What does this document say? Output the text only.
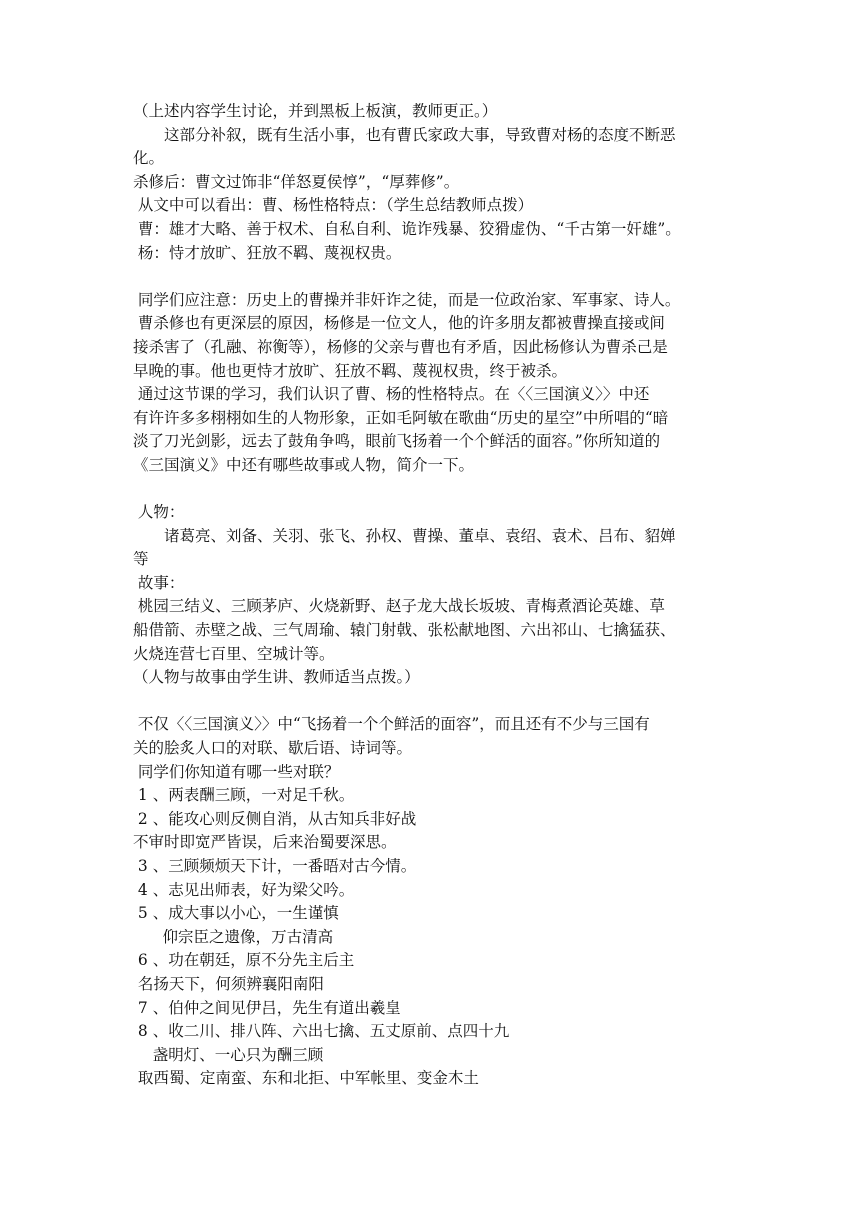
（上述内容学生讨论，并到黑板上板演，教师更正。）
　　这部分补叙，既有生活小事，也有曹氏家政大事，导致曹对杨的态度不断恶
化。
杀修后：曹文过饰非“佯怒夏侯惇”，“厚葬修”。
从文中可以看出：曹、杨性格特点：（学生总结教师点拨）
曹：雄才大略、善于权术、自私自利、诡诈残暴、狡猾虚伪、“千古第一奸雄”。
杨：恃才放旷、狂放不羁、蔑视权贵。
同学们应注意：历史上的曹操并非奸诈之徒，而是一位政治家、军事家、诗人。
曹杀修也有更深层的原因，杨修是一位文人，他的许多朋友都被曹操直接或间
接杀害了（孔融、祢衡等），杨修的父亲与曹也有矛盾，因此杨修认为曹杀己是
早晚的事。他也更恃才放旷、狂放不羁、蔑视权贵，终于被杀。
通过这节课的学习，我们认识了曹、杨的性格特点。在〈〈三国演义〉〉中还
有许许多多栩栩如生的人物形象，正如毛阿敏在歌曲“历史的星空”中所唱的“暗
淡了刀光剑影，远去了鼓角争鸣，眼前飞扬着一个个鲜活的面容。”你所知道的
《三国演义》中还有哪些故事或人物，简介一下。
人物：
　　诸葛亮、刘备、关羽、张飞、孙权、曹操、董卓、袁绍、袁术、吕布、貂婵
等
故事：
桃园三结义、三顾茅庐、火烧新野、赵子龙大战长坂坡、青梅煮酒论英雄、草
船借箭、赤壁之战、三气周瑜、辕门射戟、张松献地图、六出祁山、七擒猛获、
火烧连营七百里、空城计等。
（人物与故事由学生讲、教师适当点拨。）
不仅〈〈三国演义〉〉中“飞扬着一个个鲜活的面容”，而且还有不少与三国有
关的脍炙人口的对联、歇后语、诗词等。
同学们你知道有哪一些对联？
1 、两表酬三顾，一对足千秋。
2 、能攻心则反侧自消，从古知兵非好战
不审时即宽严皆误，后来治蜀要深思。
3 、三顾频烦天下计，一番晤对古今情。
4 、志见出师表，好为梁父吟。
5 、成大事以小心，一生谨慎
仰宗臣之遗像，万古清高
6 、功在朝廷，原不分先主后主
名扬天下，何须辨襄阳南阳
7 、伯仲之间见伊吕，先生有道出羲皇
8 、收二川、排八阵、六出七擒、五丈原前、点四十九
盏明灯、一心只为酬三顾
取西蜀、定南蛮、东和北拒、中军帐里、变金木土
